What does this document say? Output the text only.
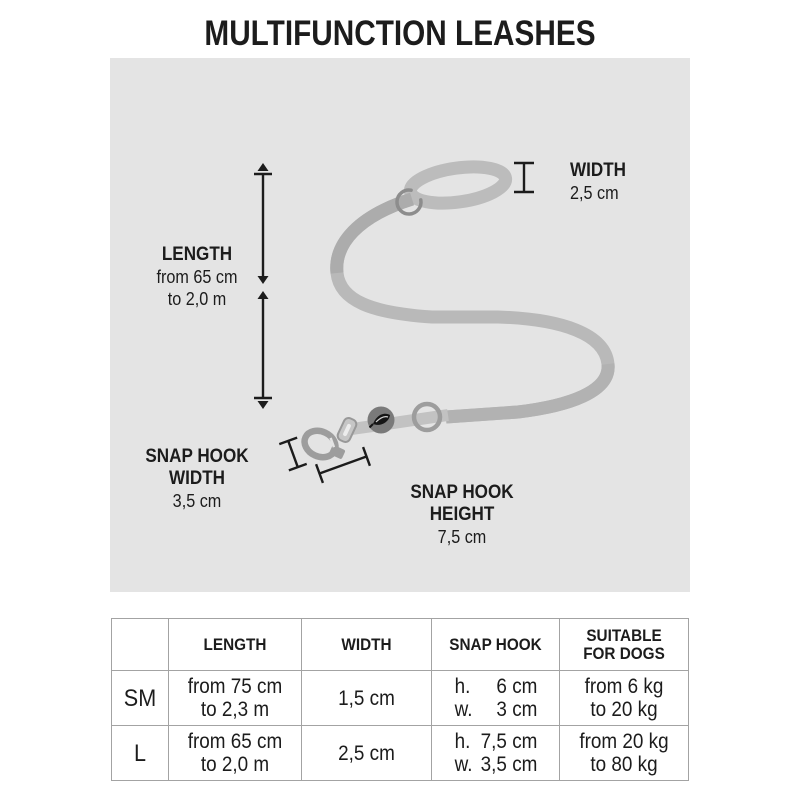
MULTIFUNCTION LEASHES
LENGTH
from 65 cm
to 2,0 m
WIDTH
2,5 cm
SNAP HOOK
WIDTH
3,5 cm	SNAP HOOK HEIGHT
7,5 cm

	LENGTH	WIDTH	SNAP HOOK	SUITABLE
FOR DOGS

SM	from 75 cm
to 2,3 m	1,5 cm	h. 6 cm
w. 3 cm	from 6 kg
to 20 kg

L	from 65 cm
to 2,0 m	2,5 cm	h. 7,5 cm
w. 3,5 cm	from 20 kg
to 80 kg
